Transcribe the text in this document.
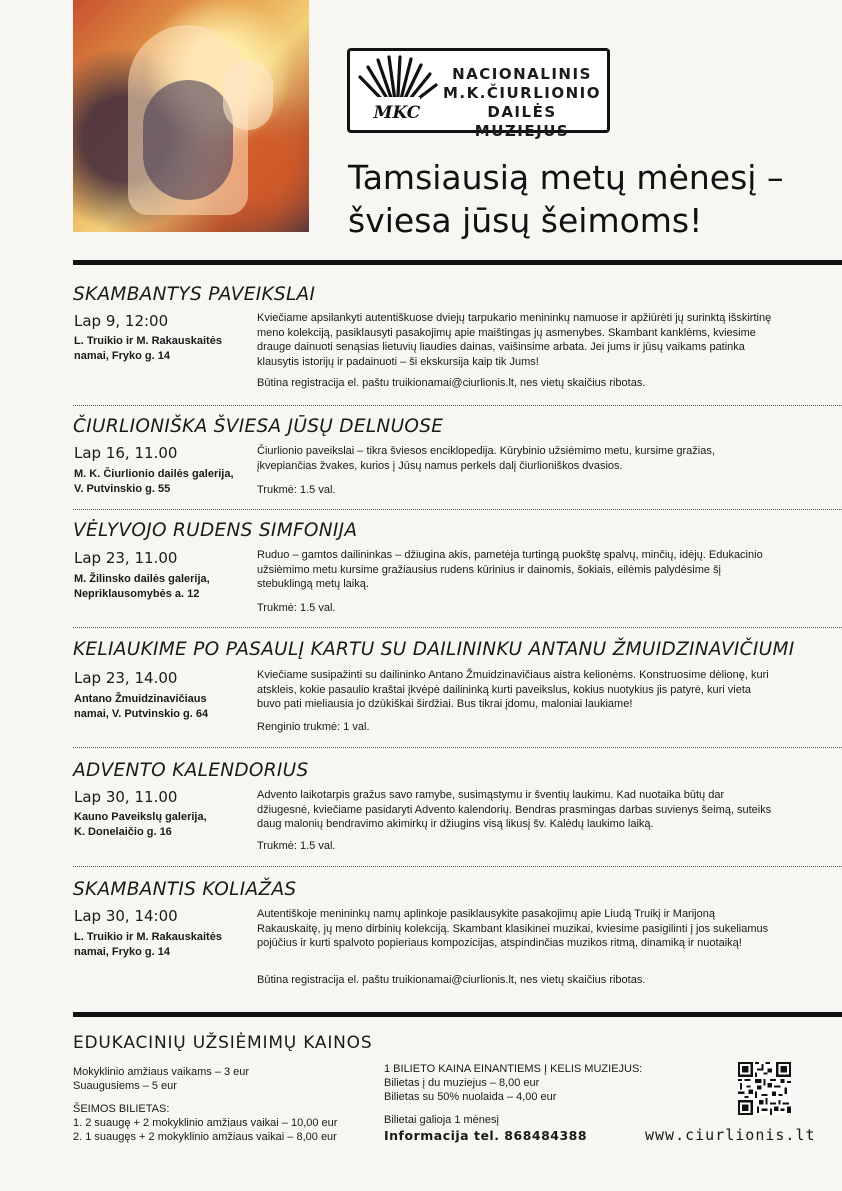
MKC
NACIONALINIS
M.K.ČIURLIONIO
DAILĖS MUZIEJUS
Tamsiausią metų mėnesį –
šviesa jūsų šeimoms!
SKAMBANTYS PAVEIKSLAI
Lap 9, 12:00
L. Truikio ir M. Rakauskaitės
namai, Fryko g. 14
Kviečiame apsilankyti autentiškuose dviejų tarpukario menininkų namuose ir apžiūrėti jų surinktą išskirtinę meno kolekciją, pasiklausyti pasakojimų apie maištingas jų asmenybes. Skambant kanklėms, kviesime drauge dainuoti senąsias lietuvių liaudies dainas, vaišinsime arbata. Jei jums ir jūsų vaikams patinka klausytis istorijų ir padainuoti – ši ekskursija kaip tik Jums!
Būtina registracija el. paštu truikionamai@ciurlionis.lt, nes vietų skaičius ribotas.
ČIURLIONIŠKA ŠVIESA JŪSŲ DELNUOSE
Lap 16, 11.00
M. K. Čiurlionio dailės galerija,
V. Putvinskio g. 55
Čiurlionio paveikslai – tikra šviesos enciklopedija. Kūrybinio užsiėmimo metu, kursime gražias, įkvepiančias žvakes, kurios į Jūsų namus perkels dalį čiurlioniškos dvasios.
Trukmė: 1.5 val.
VĖLYVOJO RUDENS SIMFONIJA
Lap 23, 11.00
M. Žilinsko dailės galerija,
Nepriklausomybės a. 12
Ruduo – gamtos dailininkas – džiugina akis, pametėja turtingą puokštę spalvų, minčių, idėjų. Edukacinio užsiėmimo metu kursime gražiausius rudens kūrinius ir dainomis, šokiais, eilėmis palydėsime šį stebuklingą metų laiką.
Trukmė: 1.5 val.
KELIAUKIME PO PASAULĮ KARTU SU DAILININKU ANTANU ŽMUIDZINAVIČIUMI
Lap 23, 14.00
Antano Žmuidzinavičiaus
namai, V. Putvinskio g. 64
Kviečiame susipažinti su dailininko Antano Žmuidzinavičiaus aistra kelionėms. Konstruosime dėlionę, kuri atskleis, kokie pasaulio kraštai įkvėpė dailininką kurti paveikslus, kokius nuotykius jis patyrė, kuri vieta buvo pati mieliausia jo dzūkiškai širdžiai. Bus tikrai įdomu, maloniai laukiame!
Renginio trukmė: 1 val.
ADVENTO KALENDORIUS
Lap 30, 11.00
Kauno Paveikslų galerija,
K. Donelaičio g. 16
Advento laikotarpis gražus savo ramybe, susimąstymu ir šventių laukimu. Kad nuotaika būtų dar džiugesnė, kviečiame pasidaryti Advento kalendorių. Bendras prasmingas darbas suvienys šeimą, suteiks daug malonių bendravimo akimirkų ir džiugins visą likusį šv. Kalėdų laukimo laiką.
Trukmė: 1.5 val.
SKAMBANTIS KOLIAŽAS
Lap 30, 14:00
L. Truikio ir M. Rakauskaitės
namai, Fryko g. 14
Autentiškoje menininkų namų aplinkoje pasiklausykite pasakojimų apie Liudą Truikį ir Marijoną Rakauskaitę, jų meno dirbinių kolekciją. Skambant klasikinei muzikai, kviesime pasigilinti į jos sukeliamus pojūčius ir kurti spalvoto popieriaus kompozicijas, atspindinčias muzikos ritmą, dinamiką ir nuotaiką!
Būtina registracija el. paštu truikionamai@ciurlionis.lt, nes vietų skaičius ribotas.
EDUKACINIŲ UŽSIĖMIMŲ KAINOS
Mokyklinio amžiaus vaikams – 3 eur
Suaugusiems – 5 eur
ŠEIMOS BILIETAS:
1. 2 suaugę + 2 mokyklinio amžiaus vaikai – 10,00 eur
2. 1 suaugęs + 2 mokyklinio amžiaus vaikai – 8,00 eur
1 BILIETO KAINA EINANTIEMS Į KELIS MUZIEJUS:
Bilietas į du muziejus – 8,00 eur
Bilietas su 50% nuolaida – 4,00 eur
Bilietai galioja 1 mėnesį
Informacija tel. 868484388	www.ciurlionis.lt
